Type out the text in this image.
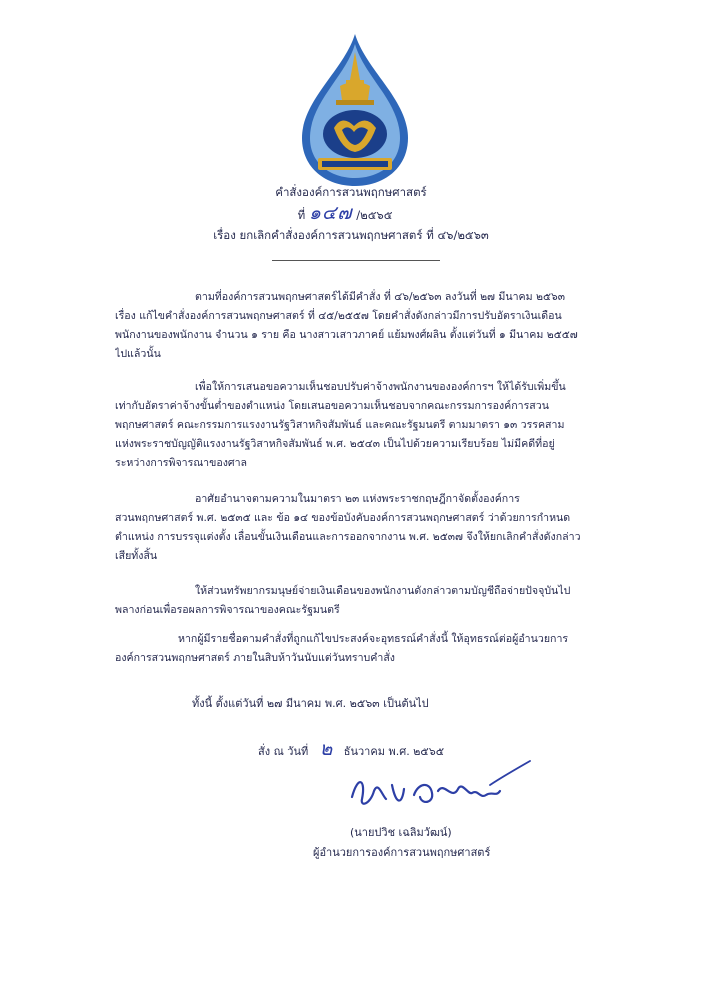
คำสั่งองค์การสวนพฤกษศาสตร์
ที่ ๑๔๗ /๒๕๖๕
เรื่อง ยกเลิกคำสั่งองค์การสวนพฤกษศาสตร์ ที่ ๔๖/๒๕๖๓
ตามที่องค์การสวนพฤกษศาสตร์ได้มีคำสั่ง ที่ ๔๖/๒๕๖๓ ลงวันที่ ๒๗ มีนาคม ๒๕๖๓
เรื่อง แก้ไขคำสั่งองค์การสวนพฤกษศาสตร์ ที่ ๔๕/๒๕๕๗ โดยคำสั่งดังกล่าวมีการปรับอัตราเงินเดือน
พนักงานของพนักงาน จำนวน ๑ ราย คือ นางสาวเสาวภาคย์ แย้มพงศ์ผลิน ตั้งแต่วันที่ ๑ มีนาคม ๒๕๕๗
ไปแล้วนั้น
เพื่อให้การเสนอขอความเห็นชอบปรับค่าจ้างพนักงานขององค์การฯ ให้ได้รับเพิ่มขึ้น
เท่ากับอัตราค่าจ้างขั้นต่ำของตำแหน่ง โดยเสนอขอความเห็นชอบจากคณะกรรมการองค์การสวน
พฤกษศาสตร์ คณะกรรมการแรงงานรัฐวิสาหกิจสัมพันธ์ และคณะรัฐมนตรี ตามมาตรา ๑๓ วรรคสาม
แห่งพระราชบัญญัติแรงงานรัฐวิสาหกิจสัมพันธ์ พ.ศ. ๒๕๔๓ เป็นไปด้วยความเรียบร้อย ไม่มีคดีที่อยู่
ระหว่างการพิจารณาของศาล
อาศัยอำนาจตามความในมาตรา ๒๓ แห่งพระราชกฤษฎีกาจัดตั้งองค์การ
สวนพฤกษศาสตร์ พ.ศ. ๒๕๓๕ และ ข้อ ๑๔ ของข้อบังคับองค์การสวนพฤกษศาสตร์ ว่าด้วยการกำหนด
ตำแหน่ง การบรรจุแต่งตั้ง เลื่อนขั้นเงินเดือนและการออกจากงาน พ.ศ. ๒๕๓๗ จึงให้ยกเลิกคำสั่งดังกล่าว
เสียทั้งสิ้น
ให้ส่วนทรัพยากรมนุษย์จ่ายเงินเดือนของพนักงานดังกล่าวตามบัญชีถือจ่ายปัจจุบันไป
พลางก่อนเพื่อรอผลการพิจารณาของคณะรัฐมนตรี
หากผู้มีรายชื่อตามคำสั่งที่ถูกแก้ไขประสงค์จะอุทธรณ์คำสั่งนี้ ให้อุทธรณ์ต่อผู้อำนวยการ
องค์การสวนพฤกษศาสตร์ ภายในสิบห้าวันนับแต่วันทราบคำสั่ง
ทั้งนี้ ตั้งแต่วันที่ ๒๗ มีนาคม พ.ศ. ๒๕๖๓ เป็นต้นไป
สั่ง ณ วันที่ ๒ ธันวาคม พ.ศ. ๒๕๖๕
(นายปวิช เฉลิมวัฒน์)
ผู้อำนวยการองค์การสวนพฤกษศาสตร์
